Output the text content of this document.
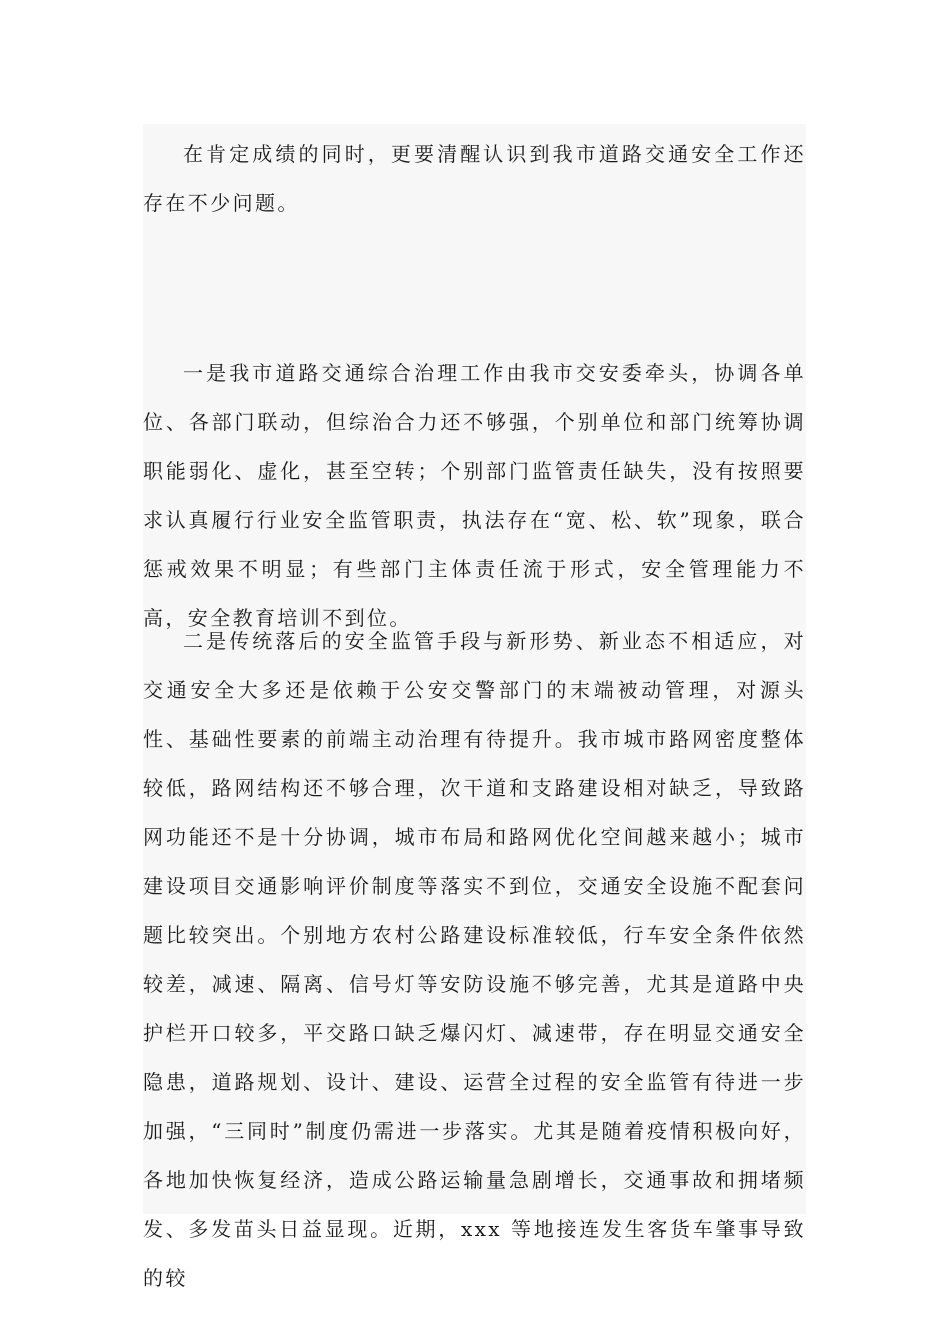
在肯定成绩的同时，更要清醒认识到我市道路交通安全工作还存在不少问题。

一是我市道路交通综合治理工作由我市交安委牵头，协调各单位、各部门联动，但综治合力还不够强，个别单位和部门统筹协调职能弱化、虚化，甚至空转；个别部门监管责任缺失，没有按照要求认真履行行业安全监管职责，执法存在“宽、松、软”现象，联合惩戒效果不明显；有些部门主体责任流于形式，安全管理能力不高，安全教育培训不到位。

二是传统落后的安全监管手段与新形势、新业态不相适应，对交通安全大多还是依赖于公安交警部门的末端被动管理，对源头性、基础性要素的前端主动治理有待提升。我市城市路网密度整体较低，路网结构还不够合理，次干道和支路建设相对缺乏，导致路网功能还不是十分协调，城市布局和路网优化空间越来越小；城市建设项目交通影响评价制度等落实不到位，交通安全设施不配套问题比较突出。个别地方农村公路建设标准较低，行车安全条件依然较差，减速、隔离、信号灯等安防设施不够完善，尤其是道路中央护栏开口较多，平交路口缺乏爆闪灯、减速带，存在明显交通安全隐患，道路规划、设计、建设、运营全过程的安全监管有待进一步加强，“三同时”制度仍需进一步落实。尤其是随着疫情积极向好，各地加快恢复经济，造成公路运输量急剧增长，交通事故和拥堵频发、多发苗头日益显现。近期，xxx 等地接连发生客货车肇事导致的较
